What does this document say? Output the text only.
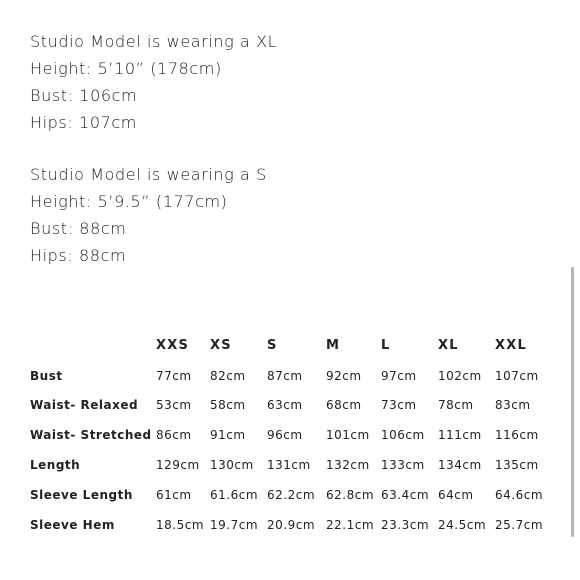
Studio Model is wearing a XL
Height: 5’10” (178cm)
Bust: 106cm
Hips: 107cm
Studio Model is wearing a S
Height: 5’9.5” (177cm)
Bust: 88cm
Hips: 88cm
	XXS	XS	S	M	L	XL	XXL
Bust	77cm	82cm	87cm	92cm	97cm	102cm	107cm
Waist- Relaxed	53cm	58cm	63cm	68cm	73cm	78cm	83cm
Waist- Stretched	86cm	91cm	96cm	101cm	106cm	111cm	116cm
Length	129cm	130cm	131cm	132cm	133cm	134cm	135cm
Sleeve Length	61cm	61.6cm	62.2cm	62.8cm	63.4cm	64cm	64.6cm
Sleeve Hem	18.5cm	19.7cm	20.9cm	22.1cm	23.3cm	24.5cm	25.7cm
